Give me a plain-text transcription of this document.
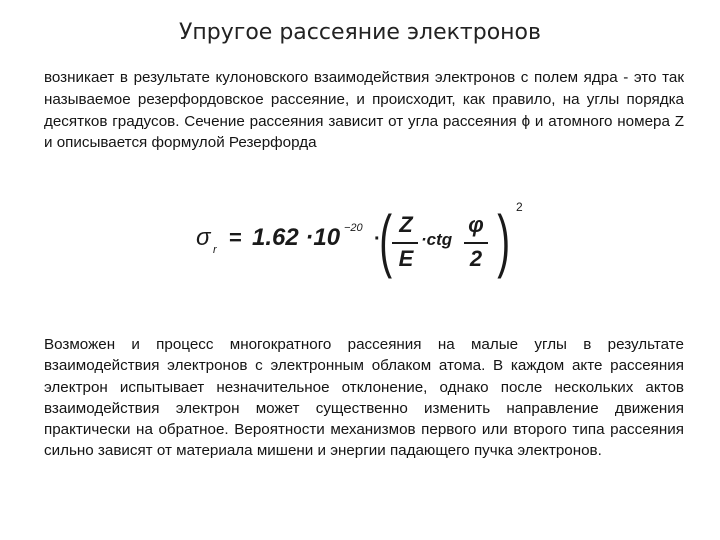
Упругое рассеяние электронов
возникает в результате кулоновского взаимодействия электронов с полем ядра - это так называемое резерфордовское рассеяние, и происходит, как правило, на углы порядка десятков градусов. Сечение рассеяния зависит от угла рассеяния ϕ и атомного номера Z и описывается формулой Резерфорда
σ r = 1.62 ·10 −20 ·
( Z
E
·ctg
φ
2 ) 2
Возможен и процесс многократного рассеяния на малые углы в результате взаимодействия электронов с электронным облаком атома. В каждом акте рассеяния электрон испытывает незначительное отклонение, однако после нескольких актов взаимодействия электрон может существенно изменить направление движения практически на обратное. Вероятности механизмов первого или второго типа рассеяния сильно зависят от материала мишени и энергии падающего пучка электронов.
